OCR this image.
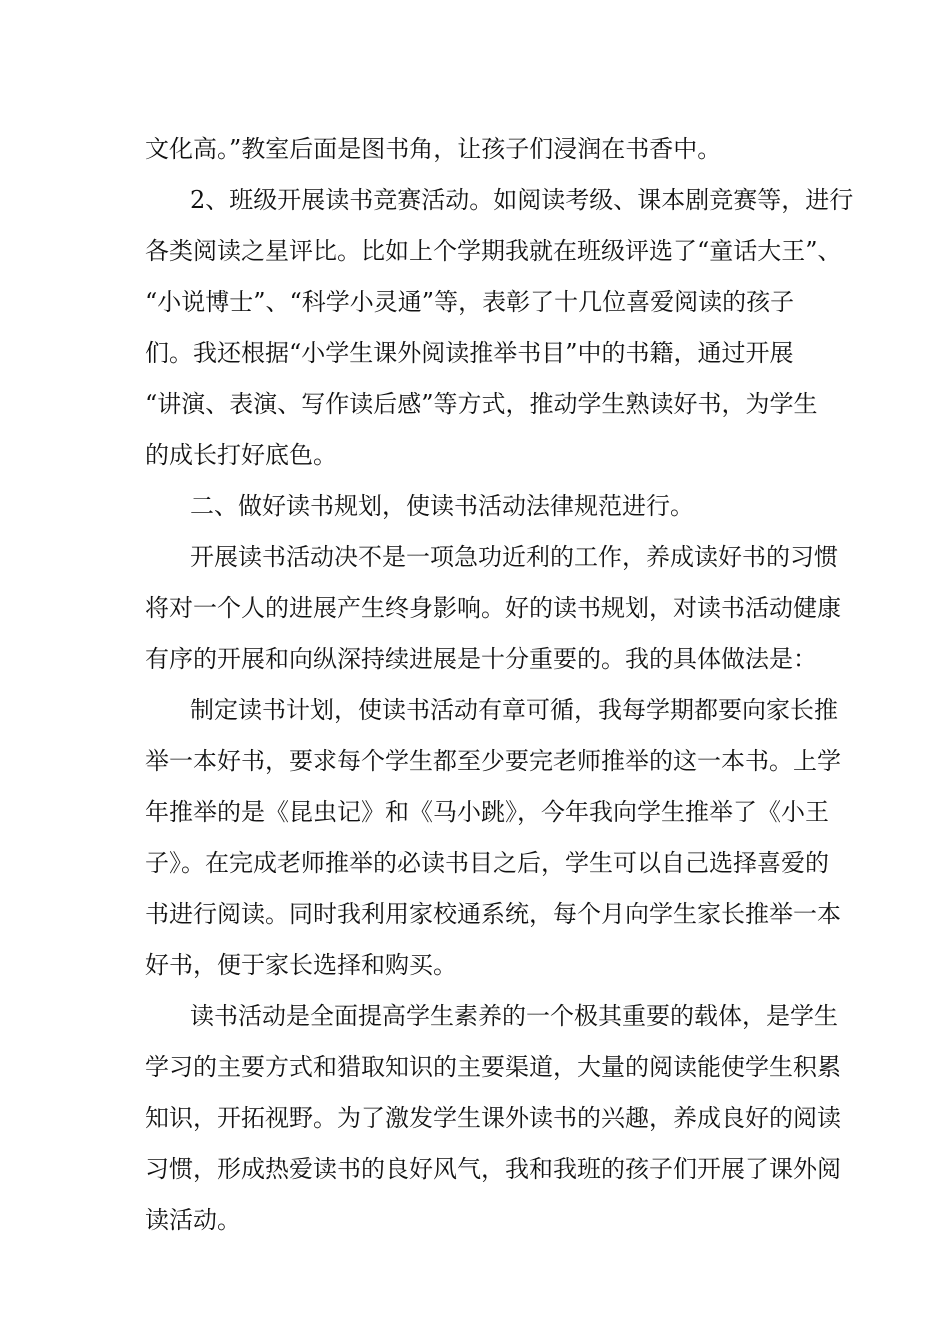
文化高。”教室后面是图书角，让孩子们浸润在书香中。
2、班级开展读书竞赛活动。如阅读考级、课本剧竞赛等，进行
各类阅读之星评比。比如上个学期我就在班级评选了“童话大王”、
“小说博士”、“科学小灵通”等，表彰了十几位喜爱阅读的孩子
们。我还根据“小学生课外阅读推举书目”中的书籍，通过开展
“讲演、表演、写作读后感”等方式，推动学生熟读好书，为学生
的成长打好底色。
二、做好读书规划，使读书活动法律规范进行。
开展读书活动决不是一项急功近利的工作，养成读好书的习惯
将对一个人的进展产生终身影响。好的读书规划，对读书活动健康
有序的开展和向纵深持续进展是十分重要的。我的具体做法是：
制定读书计划，使读书活动有章可循，我每学期都要向家长推
举一本好书，要求每个学生都至少要完老师推举的这一本书。上学
年推举的是《昆虫记》和《马小跳》，今年我向学生推举了《小王
子》。在完成老师推举的必读书目之后，学生可以自己选择喜爱的
书进行阅读。同时我利用家校通系统，每个月向学生家长推举一本
好书，便于家长选择和购买。
读书活动是全面提高学生素养的一个极其重要的载体，是学生
学习的主要方式和猎取知识的主要渠道，大量的阅读能使学生积累
知识，开拓视野。为了激发学生课外读书的兴趣，养成良好的阅读
习惯，形成热爱读书的良好风气，我和我班的孩子们开展了课外阅
读活动。
